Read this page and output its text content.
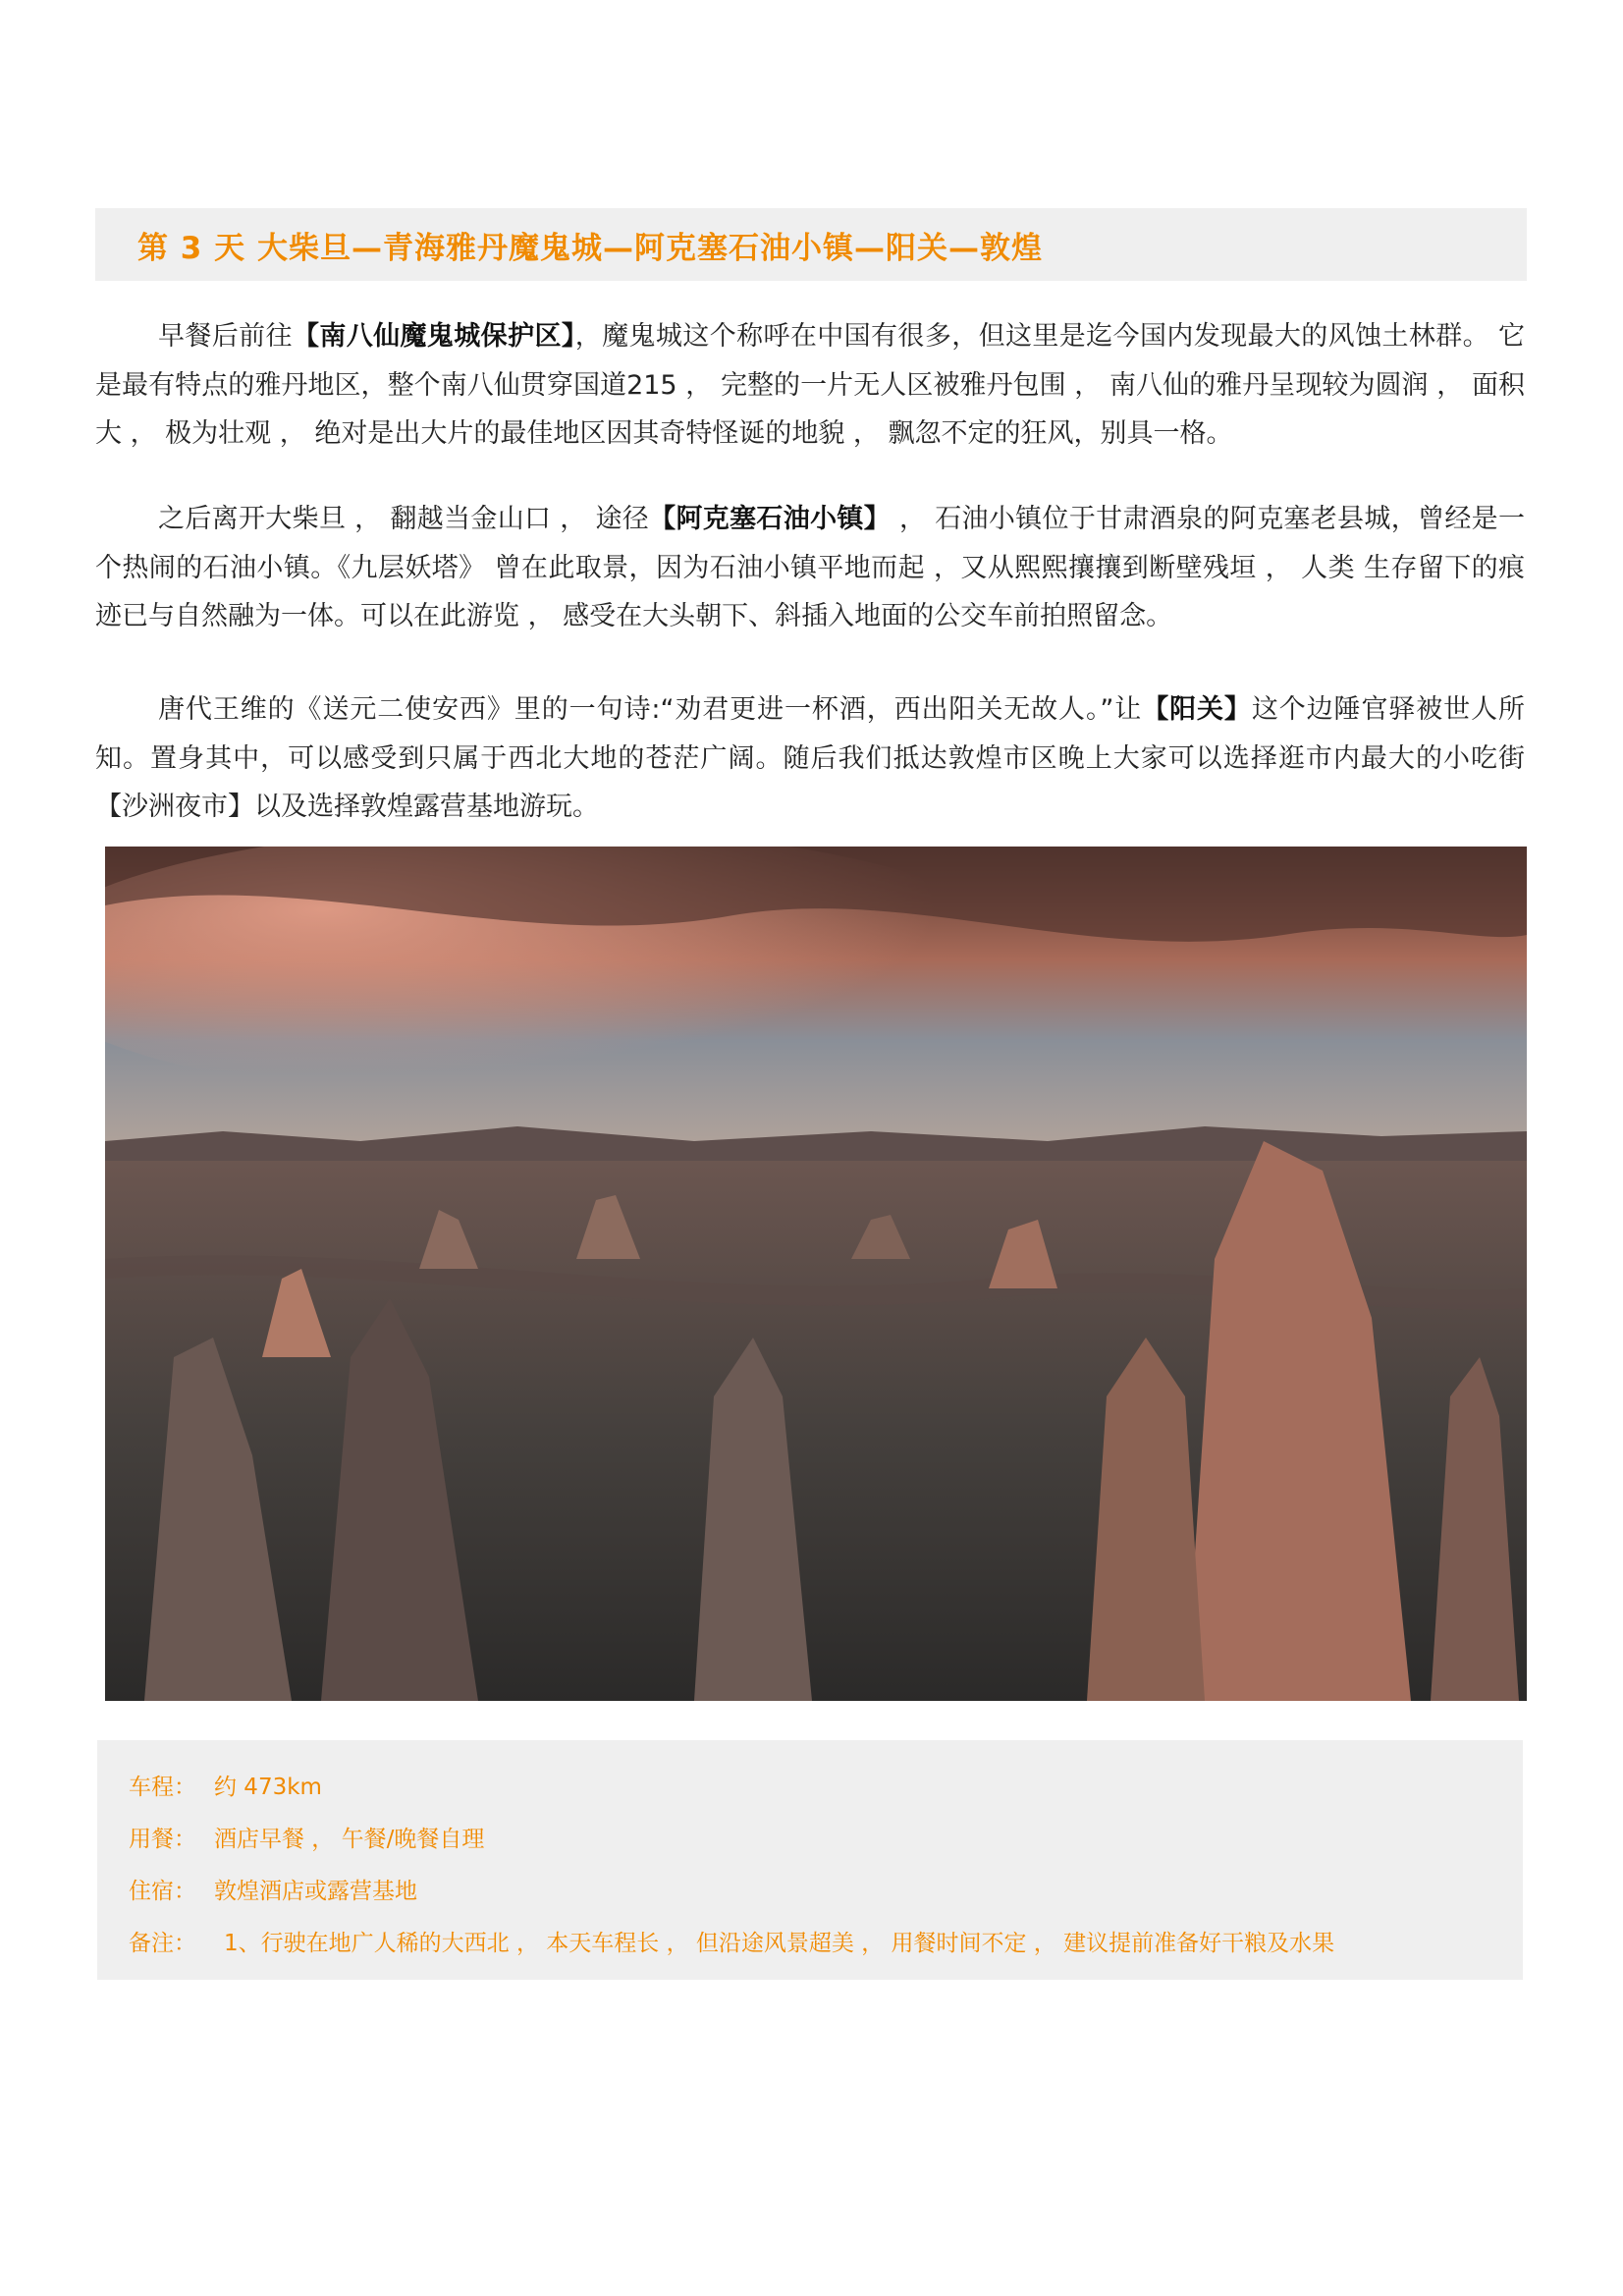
第 3 天 大柴旦—青海雅丹魔鬼城—阿克塞石油小镇—阳关—敦煌

早餐后前往【南八仙魔鬼城保护区】，魔鬼城这个称呼在中国有很多，但这里是迄今国内发现最大的风蚀土林群。 它是最有特点的雅丹地区，整个南八仙贯穿国道215 ， 完整的一片无人区被雅丹包围 ， 南八仙的雅丹呈现较为圆润 ， 面积大 ， 极为壮观 ， 绝对是出大片的最佳地区因其奇特怪诞的地貌 ， 飘忽不定的狂风，别具一格。

之后离开大柴旦 ， 翻越当金山口 ， 途径【阿克塞石油小镇】 ， 石油小镇位于甘肃酒泉的阿克塞老县城，曾经是一个热闹的石油小镇。《九层妖塔》 曾在此取景，因为石油小镇平地而起 ，又从熙熙攘攘到断壁残垣 ， 人类 生存留下的痕迹已与自然融为一体。可以在此游览 ， 感受在大头朝下、斜插入地面的公交车前拍照留念。

唐代王维的《送元二使安西》里的一句诗:“劝君更进一杯酒，西出阳关无故人。”让【阳关】这个边陲官驿被世人所知。置身其中，可以感受到只属于西北大地的苍茫广阔。随后我们抵达敦煌市区晚上大家可以选择逛市内最大的小吃街【沙洲夜市】以及选择敦煌露营基地游玩。

车程： 约 473km
用餐： 酒店早餐 ， 午餐/晚餐自理
住宿： 敦煌酒店或露营基地
备注： 1、行驶在地广人稀的大西北 ， 本天车程长 ， 但沿途风景超美 ， 用餐时间不定 ， 建议提前准备好干粮及水果
